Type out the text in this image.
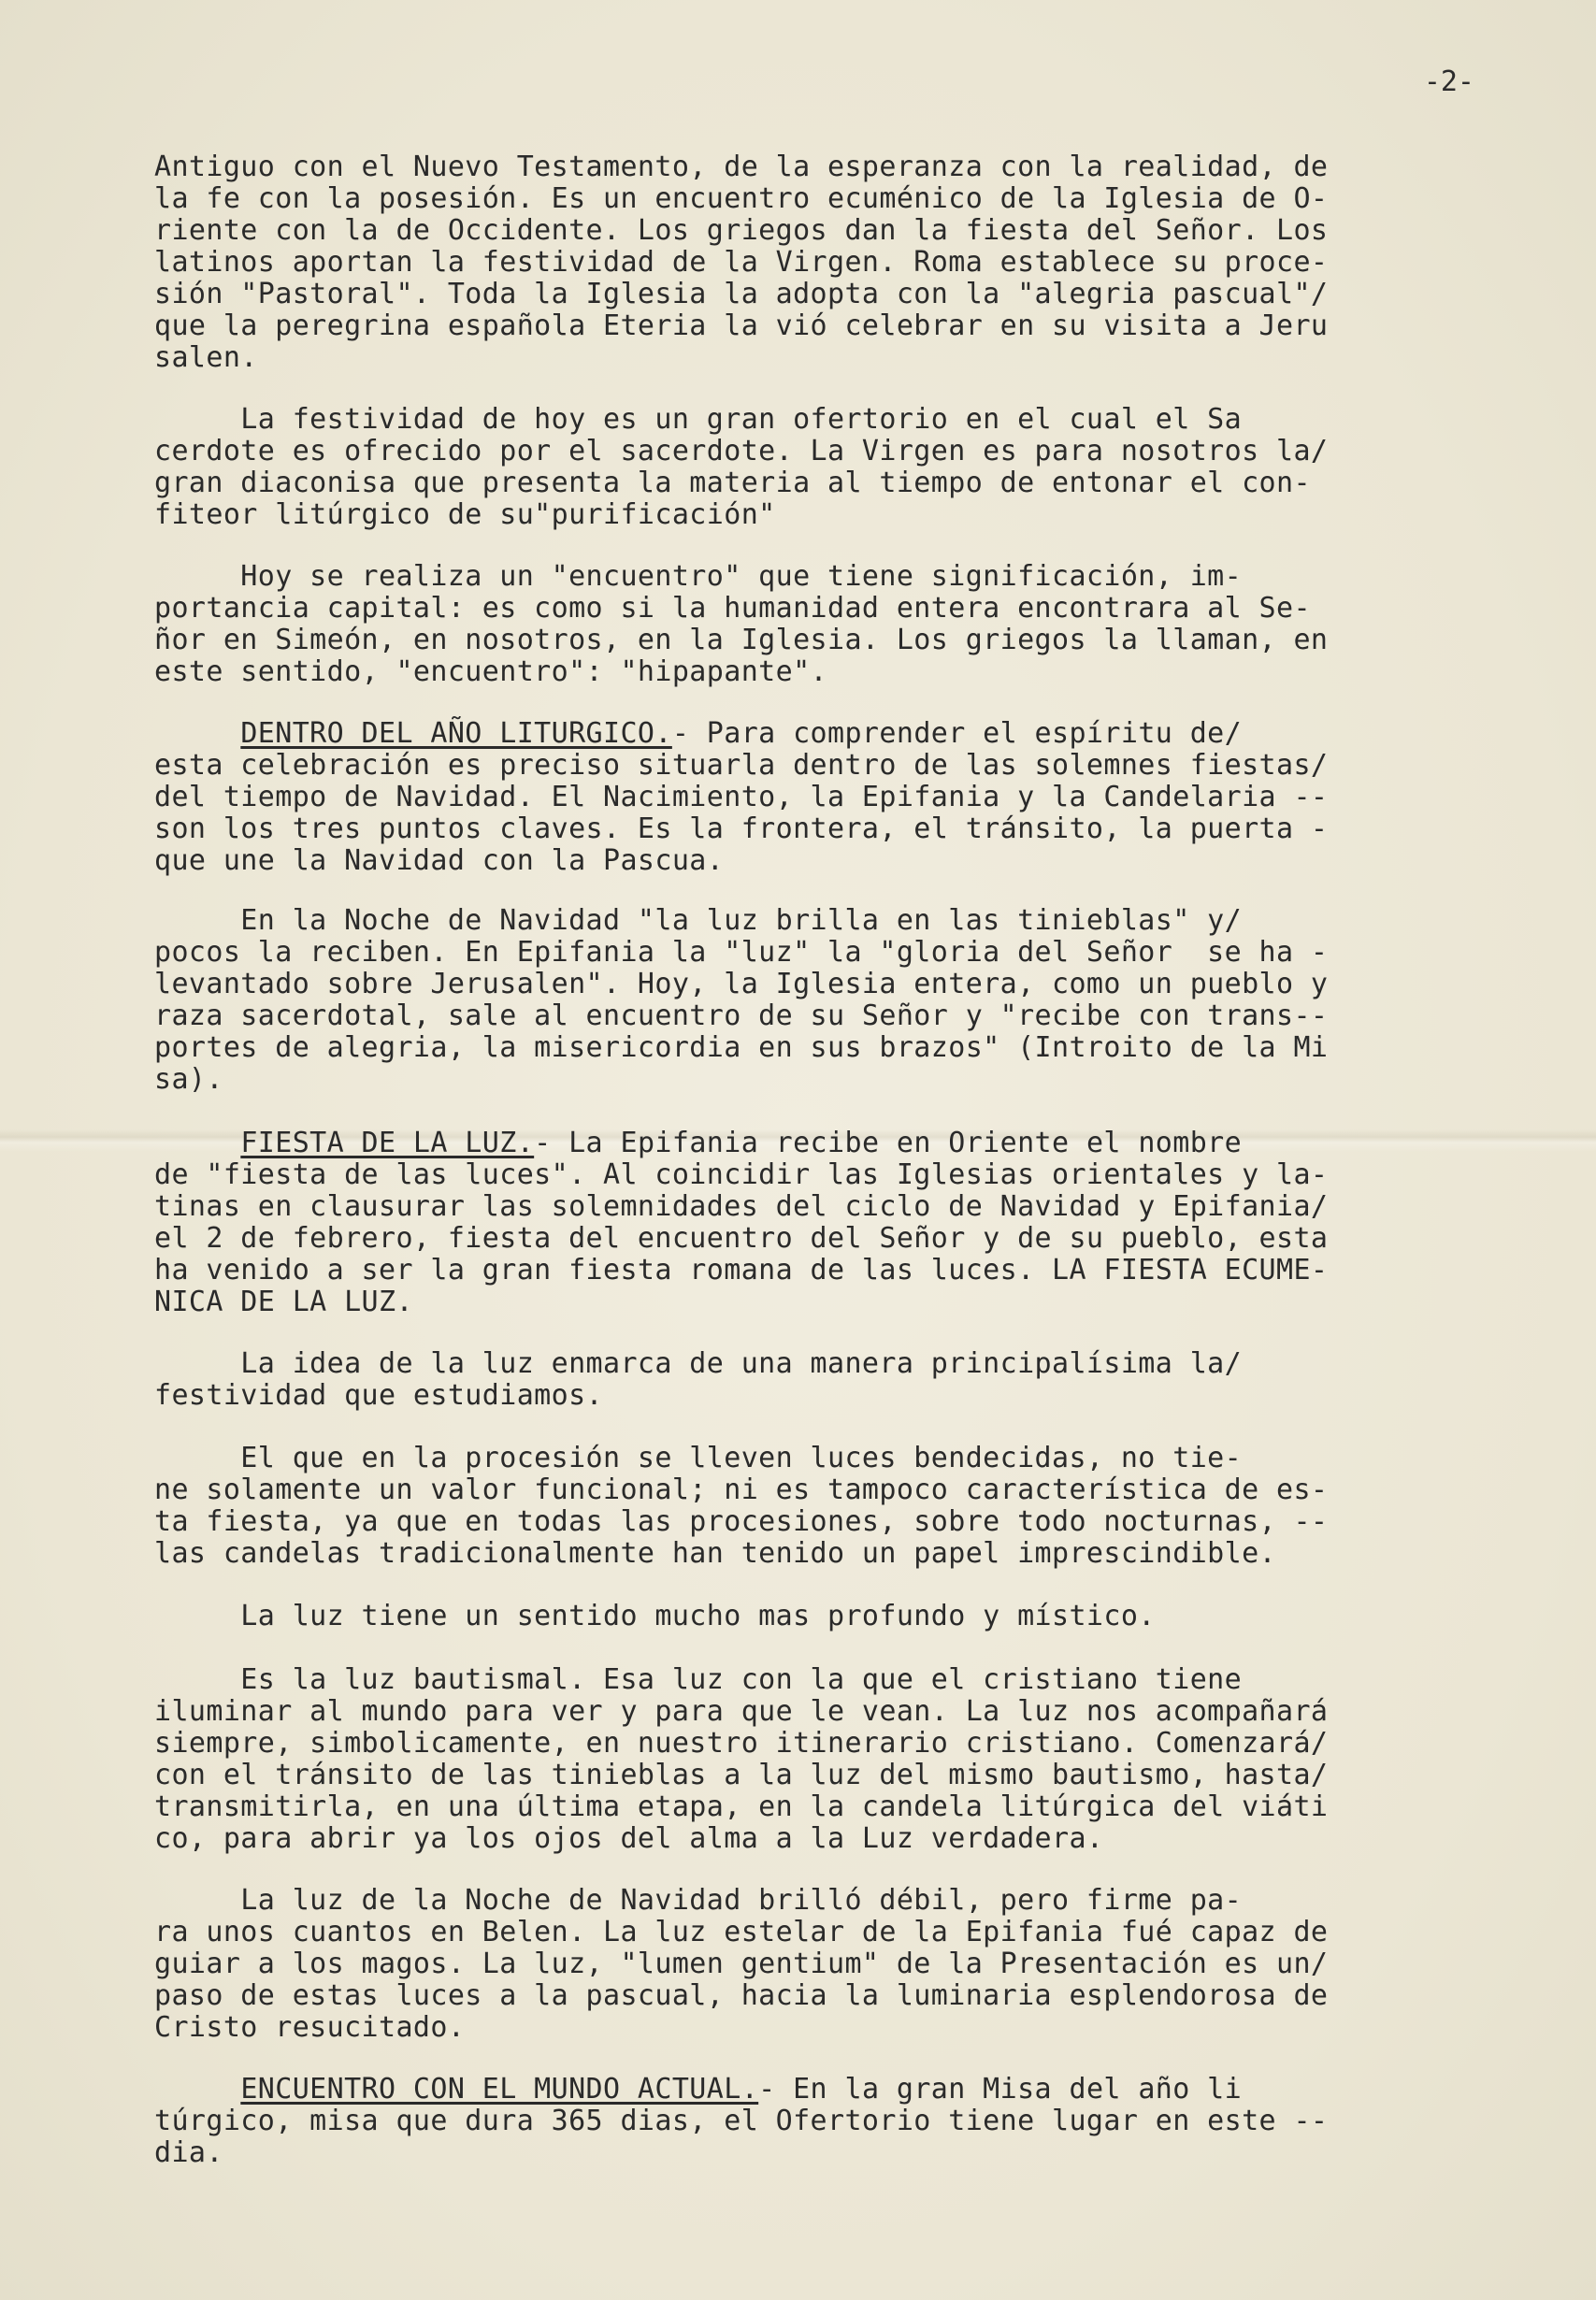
-2-

Antiguo con el Nuevo Testamento, de la esperanza con la realidad, de
la fe con la posesión. Es un encuentro ecuménico de la Iglesia de O-
riente con la de Occidente. Los griegos dan la fiesta del Señor. Los
latinos aportan la festividad de la Virgen. Roma establece su proce-
sión "Pastoral". Toda la Iglesia la adopta con la "alegria pascual"/
que la peregrina española Eteria la vió celebrar en su visita a Jeru
salen.

La festividad de hoy es un gran ofertorio en el cual el Sa
cerdote es ofrecido por el sacerdote. La Virgen es para nosotros la/
gran diaconisa que presenta la materia al tiempo de entonar el con-
fiteor litúrgico de su"purificación"

Hoy se realiza un "encuentro" que tiene significación, im-
portancia capital: es como si la humanidad entera encontrara al Se-
ñor en Simeón, en nosotros, en la Iglesia. Los griegos la llaman, en
este sentido, "encuentro": "hipapante".

DENTRO DEL AÑO LITURGICO.- Para comprender el espíritu de/
esta celebración es preciso situarla dentro de las solemnes fiestas/
del tiempo de Navidad. El Nacimiento, la Epifania y la Candelaria --
son los tres puntos claves. Es la frontera, el tránsito, la puerta -
que une la Navidad con la Pascua.

En la Noche de Navidad "la luz brilla en las tinieblas" y/
pocos la reciben. En Epifania la "luz" la "gloria del Señor  se ha -
levantado sobre Jerusalen". Hoy, la Iglesia entera, como un pueblo y
raza sacerdotal, sale al encuentro de su Señor y "recibe con trans--
portes de alegria, la misericordia en sus brazos" (Introito de la Mi
sa).

FIESTA DE LA LUZ.- La Epifania recibe en Oriente el nombre
de "fiesta de las luces". Al coincidir las Iglesias orientales y la-
tinas en clausurar las solemnidades del ciclo de Navidad y Epifania/
el 2 de febrero, fiesta del encuentro del Señor y de su pueblo, esta
ha venido a ser la gran fiesta romana de las luces. LA FIESTA ECUME-
NICA DE LA LUZ.

La idea de la luz enmarca de una manera principalísima la/
festividad que estudiamos.

El que en la procesión se lleven luces bendecidas, no tie-
ne solamente un valor funcional; ni es tampoco característica de es-
ta fiesta, ya que en todas las procesiones, sobre todo nocturnas, --
las candelas tradicionalmente han tenido un papel imprescindible.

La luz tiene un sentido mucho mas profundo y místico.

Es la luz bautismal. Esa luz con la que el cristiano tiene
iluminar al mundo para ver y para que le vean. La luz nos acompañará
siempre, simbolicamente, en nuestro itinerario cristiano. Comenzará/
con el tránsito de las tinieblas a la luz del mismo bautismo, hasta/
transmitirla, en una última etapa, en la candela litúrgica del viáti
co, para abrir ya los ojos del alma a la Luz verdadera.

La luz de la Noche de Navidad brilló débil, pero firme pa-
ra unos cuantos en Belen. La luz estelar de la Epifania fué capaz de
guiar a los magos. La luz, "lumen gentium" de la Presentación es un/
paso de estas luces a la pascual, hacia la luminaria esplendorosa de
Cristo resucitado.

ENCUENTRO CON EL MUNDO ACTUAL.- En la gran Misa del año li
túrgico, misa que dura 365 dias, el Ofertorio tiene lugar en este --
dia.
